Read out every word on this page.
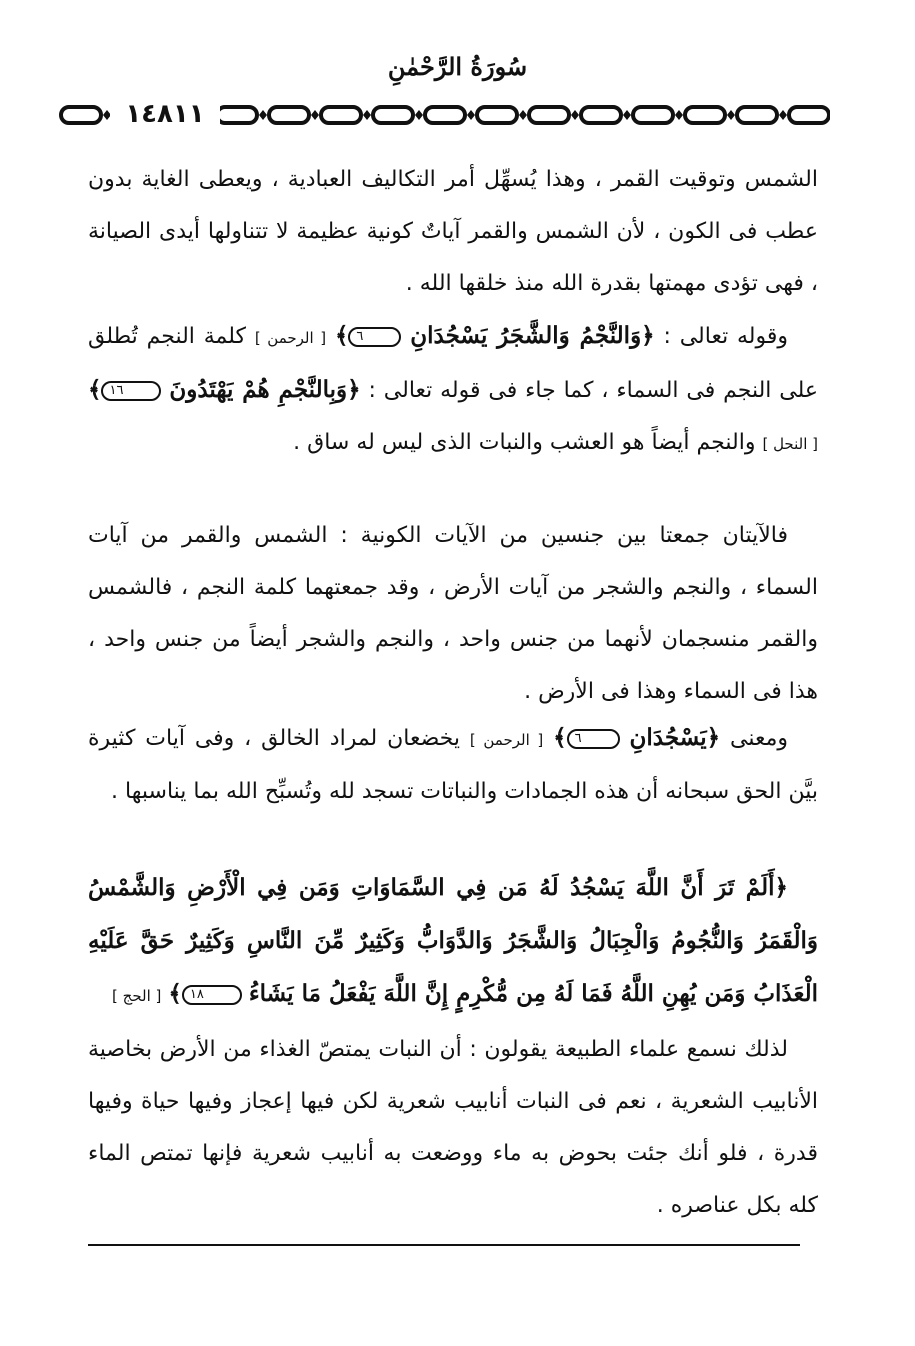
سُورَةُ الرَّحْمٰنِ
١٤٨١١

الشمس وتوقيت القمر ، وهذا يُسهِّل أمر التكاليف العبادية ، ويعطى الغاية بدون عطب فى الكون ، لأن الشمس والقمر آياتٌ كونية عظيمة لا تتناولها أيدى الصيانة ، فهى تؤدى مهمتها بقدرة الله منذ خلقها الله .

وقوله تعالى : ﴿وَالنَّجْمُ وَالشَّجَرُ يَسْجُدَانِ ٦﴾ [ الرحمن ] كلمة النجم تُطلق على النجم فى السماء ، كما جاء فى قوله تعالى : ﴿وَبِالنَّجْمِ هُمْ يَهْتَدُونَ ١٦﴾ [ النحل ] والنجم أيضاً هو العشب والنبات الذى ليس له ساق .

فالآيتان جمعتا بين جنسين من الآيات الكونية : الشمس والقمر من آيات السماء ، والنجم والشجر من آيات الأرض ، وقد جمعتهما كلمة النجم ، فالشمس والقمر منسجمان لأنهما من جنس واحد ، والنجم والشجر أيضاً من جنس واحد ، هذا فى السماء وهذا فى الأرض .

ومعنى ﴿يَسْجُدَانِ ٦﴾ [ الرحمن ] يخضعان لمراد الخالق ، وفى آيات كثيرة بيَّن الحق سبحانه أن هذه الجمادات والنباتات تسجد لله وتُسبِّح الله بما يناسبها .

﴿أَلَمْ تَرَ أَنَّ اللَّهَ يَسْجُدُ لَهُ مَن فِي السَّمَاوَاتِ وَمَن فِي الْأَرْضِ وَالشَّمْسُ وَالْقَمَرُ وَالنُّجُومُ وَالْجِبَالُ وَالشَّجَرُ وَالدَّوَابُّ وَكَثِيرٌ مِّنَ النَّاسِ وَكَثِيرٌ حَقَّ عَلَيْهِ الْعَذَابُ وَمَن يُهِنِ اللَّهُ فَمَا لَهُ مِن مُّكْرِمٍ إِنَّ اللَّهَ يَفْعَلُ مَا يَشَاءُ ١٨﴾ [ الحج ]

لذلك نسمع علماء الطبيعة يقولون : أن النبات يمتصّ الغذاء من الأرض بخاصية الأنابيب الشعرية ، نعم فى النبات أنابيب شعرية لكن فيها إعجاز وفيها حياة وفيها قدرة ، فلو أنك جئت بحوض به ماء ووضعت به أنابيب شعرية فإنها تمتص الماء كله بكل عناصره .
